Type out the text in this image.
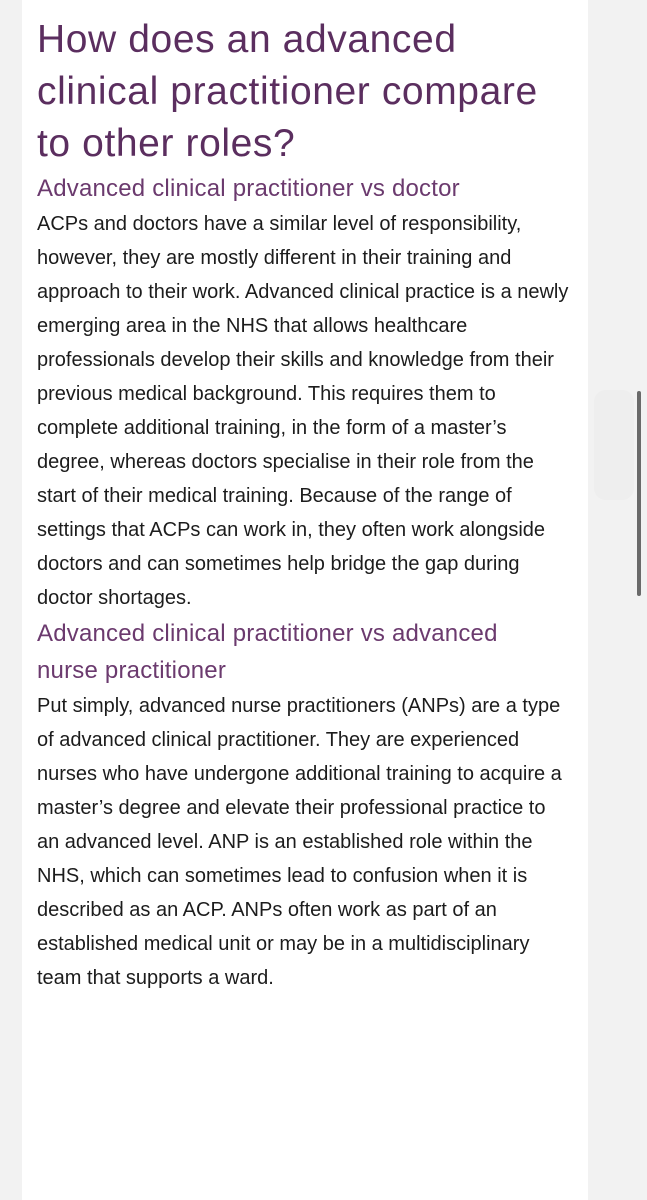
How does an advanced clinical practitioner compare to other roles?
Advanced clinical practitioner vs doctor

ACPs and doctors have a similar level of responsibility, however, they are mostly different in their training and approach to their work. Advanced clinical practice is a newly emerging area in the NHS that allows healthcare professionals develop their skills and knowledge from their previous medical background. This requires them to complete additional training, in the form of a master’s degree, whereas doctors specialise in their role from the start of their medical training. Because of the range of settings that ACPs can work in, they often work alongside doctors and can sometimes help bridge the gap during doctor shortages.

Advanced clinical practitioner vs advanced nurse practitioner

Put simply, advanced nurse practitioners (ANPs) are a type of advanced clinical practitioner. They are experienced nurses who have undergone additional training to acquire a master’s degree and elevate their professional practice to an advanced level. ANP is an established role within the NHS, which can sometimes lead to confusion when it is described as an ACP. ANPs often work as part of an established medical unit or may be in a multidisciplinary team that supports a ward.
